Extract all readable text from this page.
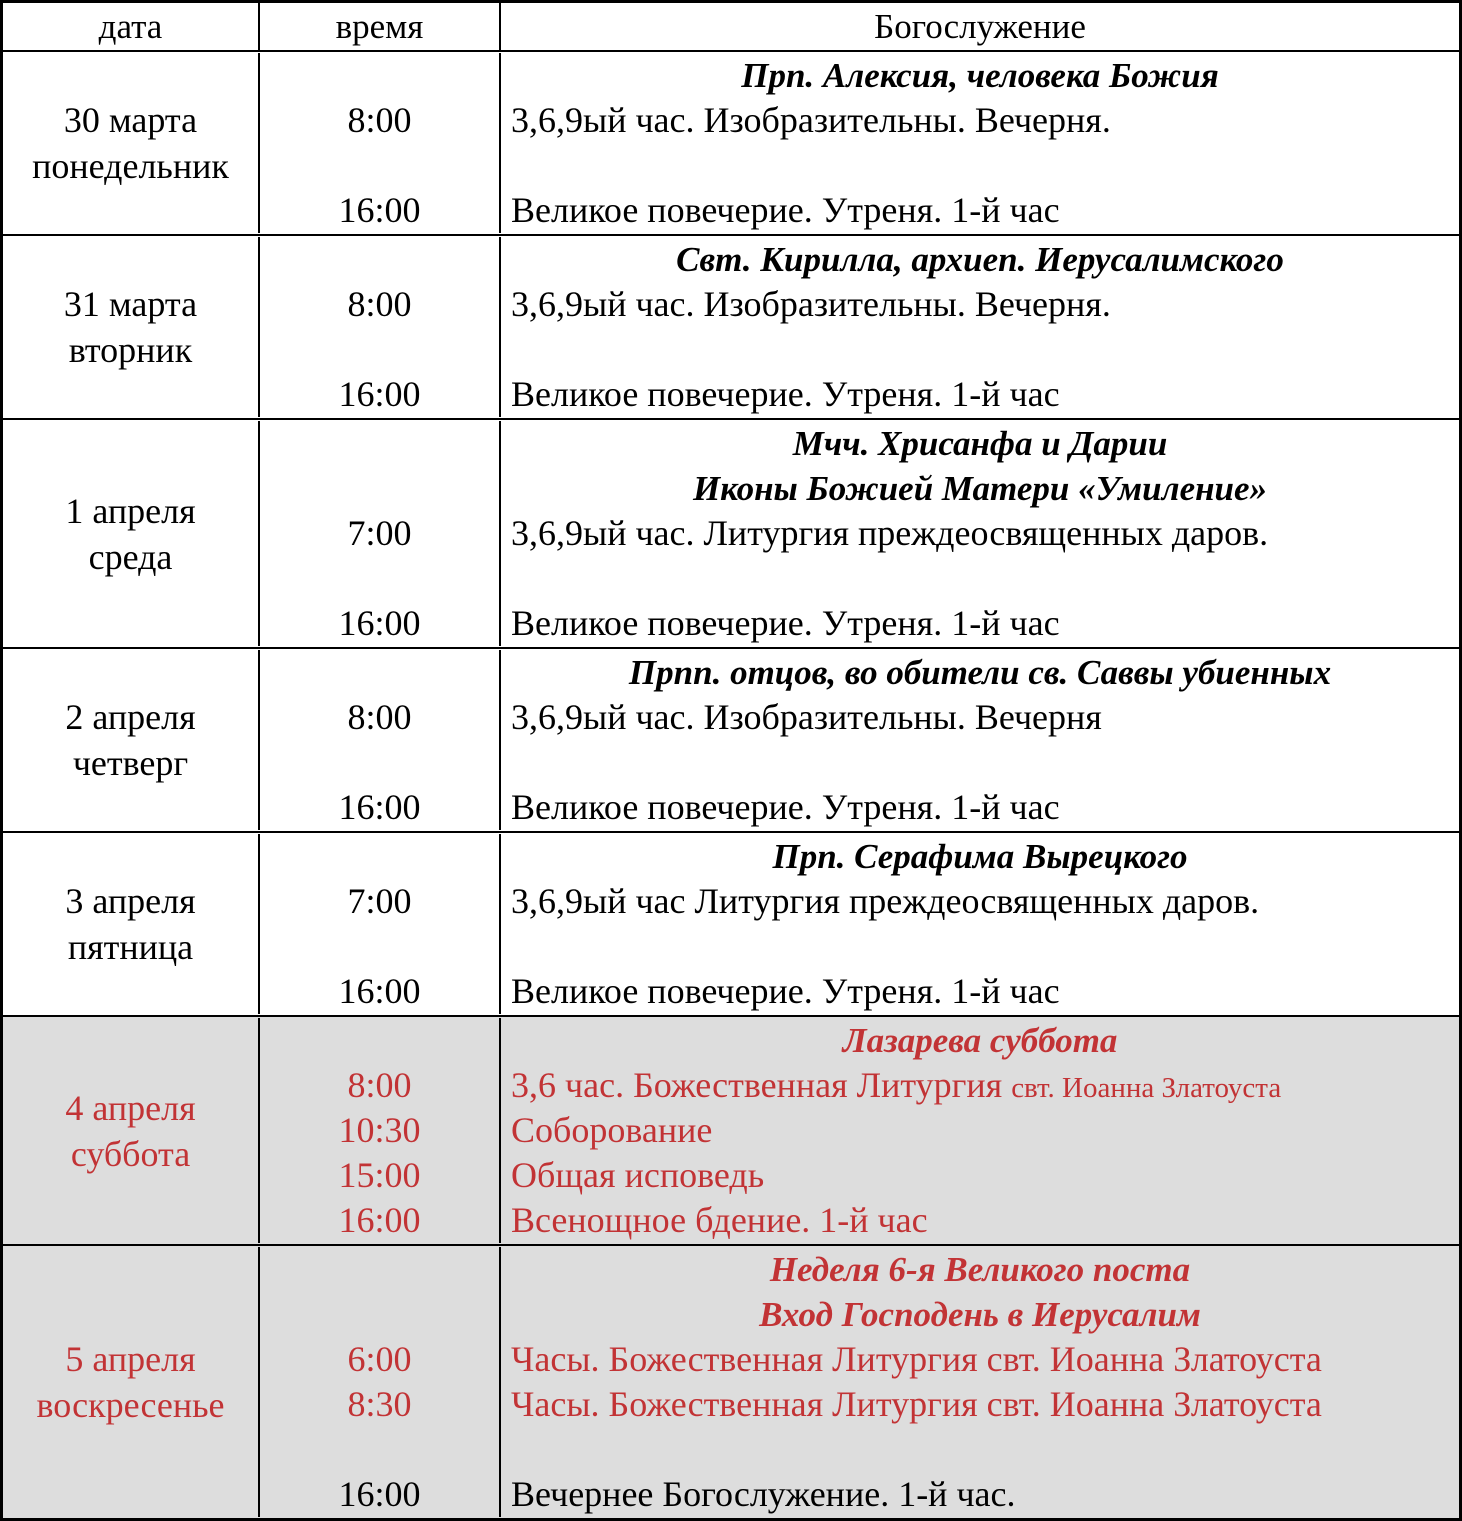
дата	время	Богослужение
30 марта
понедельник
8:00
16:00
Прп. Алексия, человека Божия
3,6,9ый час. Изобразительны. Вечерня.
Великое повечерие. Утреня. 1-й час
31 марта
вторник
8:00
16:00
Свт. Кирилла, архиеп. Иерусалимского
3,6,9ый час. Изобразительны. Вечерня.
Великое повечерие. Утреня. 1-й час
1 апреля
среда
7:00
16:00
Мчч. Хрисанфа и Дарии
Иконы Божией Матери «Умиление»
3,6,9ый час. Литургия преждеосвященных даров.
Великое повечерие. Утреня. 1-й час
2 апреля
четверг
8:00
16:00
Прпп. отцов, во обители св. Саввы убиенных
3,6,9ый час. Изобразительны. Вечерня
Великое повечерие. Утреня. 1-й час
3 апреля
пятница
7:00
16:00
Прп. Серафима Вырецкого
3,6,9ый час Литургия преждеосвященных даров.
Великое повечерие. Утреня. 1-й час
4 апреля
суббота
8:00
10:30
15:00
16:00
Лазарева суббота
3,6 час. Божественная Литургия свт. Иоанна Златоуста
Соборование
Общая исповедь
Всенощное бдение. 1-й час
5 апреля
воскресенье
6:00
8:30
16:00
Неделя 6-я Великого поста
Вход Господень в Иерусалим
Часы. Божественная Литургия свт. Иоанна Златоуста
Часы. Божественная Литургия свт. Иоанна Златоуста
Вечернее Богослужение. 1-й час.
